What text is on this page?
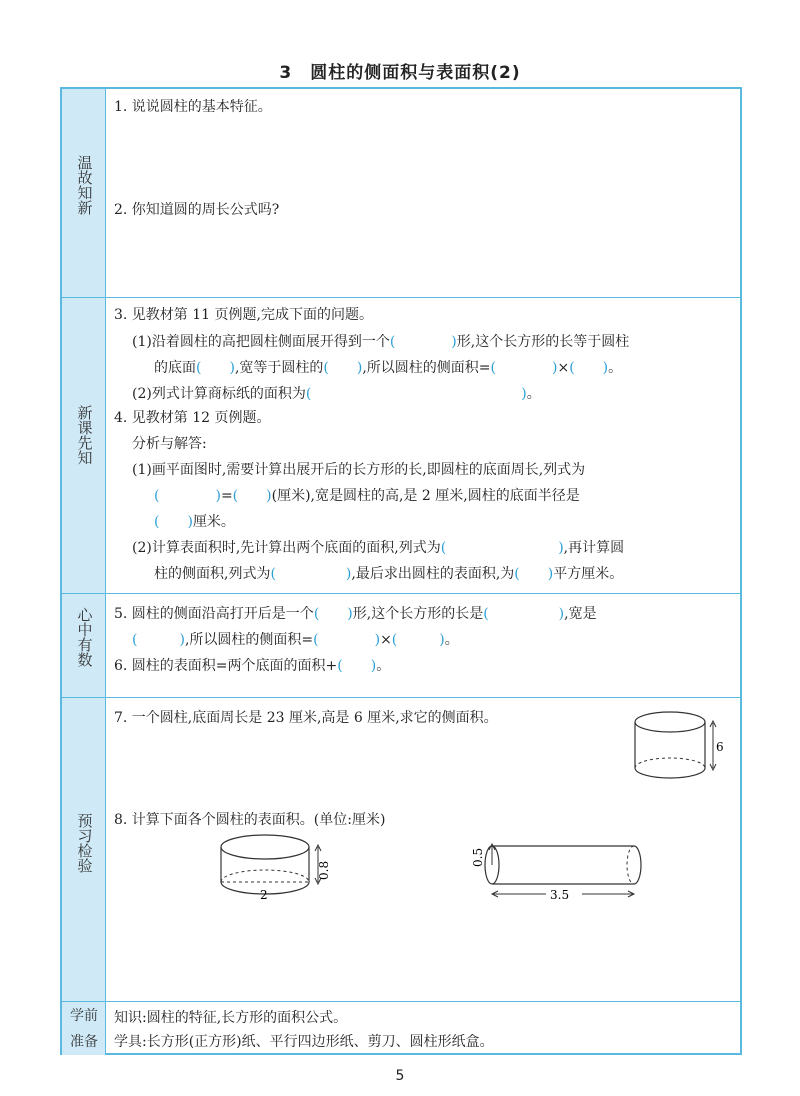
3　圆柱的侧面积与表面积(2)
温故知新
新课先知
心中有数
预习检验
学前准备
1. 说说圆柱的基本特征。
2. 你知道圆的周长公式吗?
3. 见教材第 11 页例题,完成下面的问题。
(1)沿着圆柱的高把圆柱侧面展开得到一个(　　　　)形,这个长方形的长等于圆柱
的底面(　　),宽等于圆柱的(　　),所以圆柱的侧面积=(　　　　)×(　　)。
(2)列式计算商标纸的面积为(　　　　　　　　　　　　　　　)。
4. 见教材第 12 页例题。
分析与解答:
(1)画平面图时,需要计算出展开后的长方形的长,即圆柱的底面周长,列式为
(　　　　)=(　　)(厘米),宽是圆柱的高,是 2 厘米,圆柱的底面半径是
(　　)厘米。
(2)计算表面积时,先计算出两个底面的面积,列式为(　　　　　　　　),再计算圆
柱的侧面积,列式为(　　　　　),最后求出圆柱的表面积,为(　　)平方厘米。
5. 圆柱的侧面沿高打开后是一个(　　)形,这个长方形的长是(　　　　　),宽是
(　　　),所以圆柱的侧面积=(　　　　)×(　　　)。
6. 圆柱的表面积=两个底面的面积+(　　)。
7. 一个圆柱,底面周长是 23 厘米,高是 6 厘米,求它的侧面积。
8. 计算下面各个圆柱的表面积。(单位:厘米)
6
2
0.8
0.5
3.5
知识:圆柱的特征,长方形的面积公式。
学具:长方形(正方形)纸、平行四边形纸、剪刀、圆柱形纸盒。
5
